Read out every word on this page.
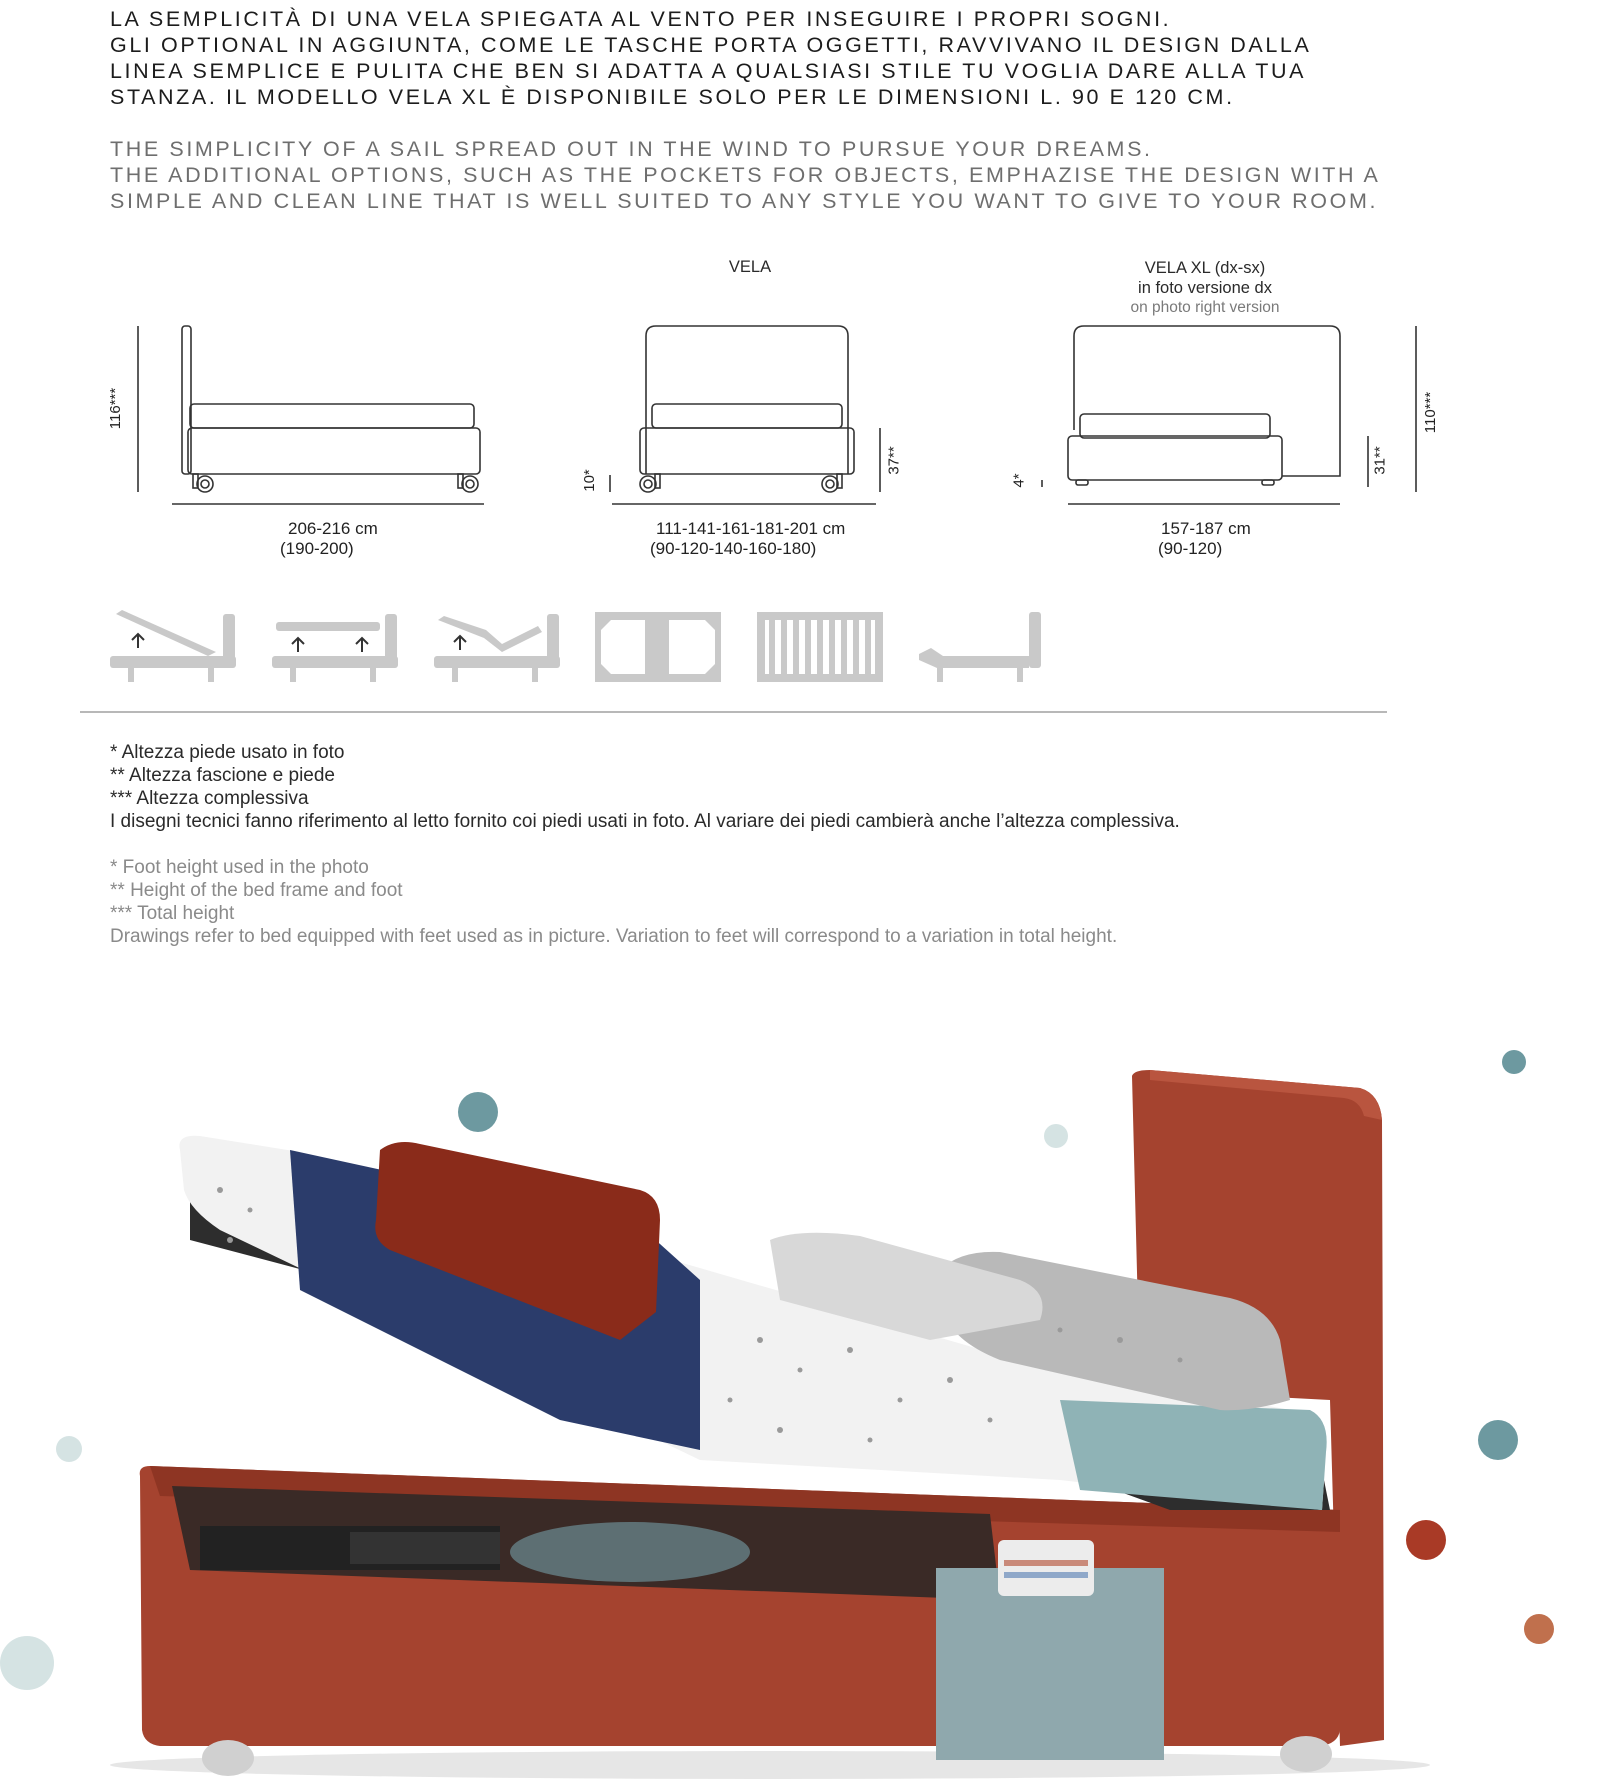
LA SEMPLICITÀ DI UNA VELA SPIEGATA AL VENTO PER INSEGUIRE I PROPRI SOGNI.

GLI OPTIONAL IN AGGIUNTA, COME LE TASCHE PORTA OGGETTI, RAVVIVANO IL DESIGN DALLA

LINEA SEMPLICE E PULITA CHE BEN SI ADATTA A QUALSIASI STILE TU VOGLIA DARE ALLA TUA

STANZA. IL MODELLO VELA XL È DISPONIBILE SOLO PER LE DIMENSIONI L. 90 E 120 CM.

THE SIMPLICITY OF A SAIL SPREAD OUT IN THE WIND TO PURSUE YOUR DREAMS.

THE ADDITIONAL OPTIONS, SUCH AS THE POCKETS FOR OBJECTS, EMPHAZISE THE DESIGN WITH A

SIMPLE AND CLEAN LINE THAT IS WELL SUITED TO ANY STYLE YOU WANT TO GIVE TO YOUR ROOM.

VELA	VELA XL (dx-sx)
in foto versione dx
on photo right version
116***
10*
37**
4*
31**
110***
206-216 cm
(190-200)
111-141-161-181-201 cm
(90-120-140-160-180)
157-187 cm
(90-120)
* Altezza piede usato in foto
** Altezza fascione e piede
*** Altezza complessiva
I disegni tecnici fanno riferimento al letto fornito coi piedi usati in foto. Al variare dei piedi cambierà anche l’altezza complessiva.
* Foot height used in the photo
** Height of the bed frame and foot
*** Total height
Drawings refer to bed equipped with feet used as in picture. Variation to feet will correspond to a variation in total height.
